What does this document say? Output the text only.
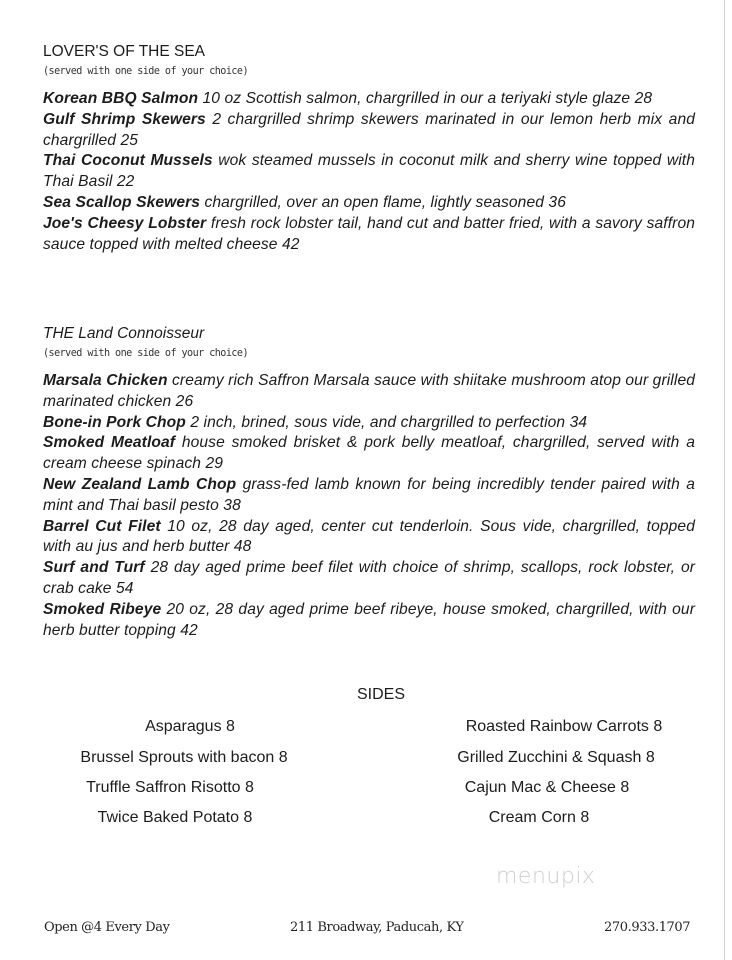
LOVER'S OF THE SEA

(served with one side of your choice)

Korean BBQ Salmon 10 oz Scottish salmon, chargrilled in our a teriyaki style glaze 28

Gulf Shrimp Skewers 2 chargrilled shrimp skewers marinated in our lemon herb mix and chargrilled 25

Thai Coconut Mussels wok steamed mussels in coconut milk and sherry wine topped with Thai Basil 22

Sea Scallop Skewers chargrilled, over an open flame, lightly seasoned 36

Joe's Cheesy Lobster fresh rock lobster tail, hand cut and batter fried, with a savory saffron sauce topped with melted cheese 42

THE Land Connoisseur

(served with one side of your choice)

Marsala Chicken creamy rich Saffron Marsala sauce with shiitake mushroom atop our grilled marinated chicken 26

Bone-in Pork Chop 2 inch, brined, sous vide, and chargrilled to perfection 34

Smoked Meatloaf house smoked brisket & pork belly meatloaf, chargrilled, served with a cream cheese spinach 29

New Zealand Lamb Chop grass-fed lamb known for being incredibly tender paired with a mint and Thai basil pesto 38

Barrel Cut Filet 10 oz, 28 day aged, center cut tenderloin. Sous vide, chargrilled, topped with au jus and herb butter 48

Surf and Turf 28 day aged prime beef filet with choice of shrimp, scallops, rock lobster, or crab cake 54

Smoked Ribeye 20 oz, 28 day aged prime beef ribeye, house smoked, chargrilled, with our herb butter topping 42

SIDES
Asparagus 8
Brussel Sprouts with bacon 8
Truffle Saffron Risotto 8
Twice Baked Potato 8
Roasted Rainbow Carrots 8
Grilled Zucchini & Squash 8
Cajun Mac & Cheese 8
Cream Corn 8
menupix
Open @4 Every Day	211 Broadway, Paducah, KY	270.933.1707
